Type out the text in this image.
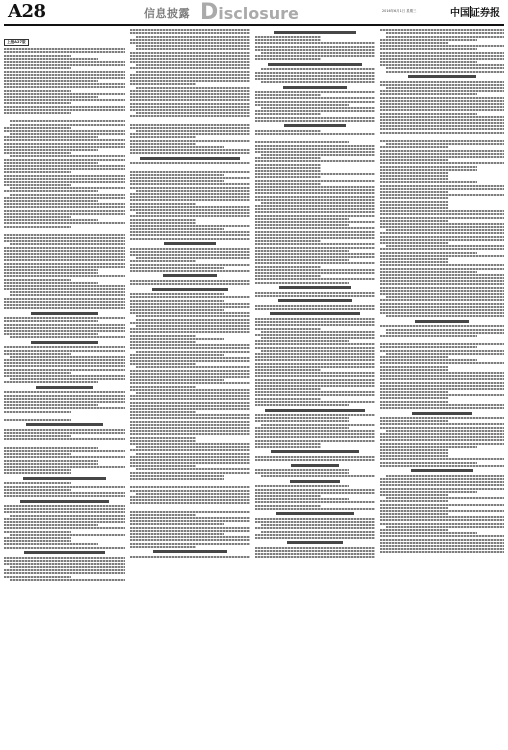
A28	信息披露 Disclosure	2016年6月1日 星期三	中国证券报
上接A27版
